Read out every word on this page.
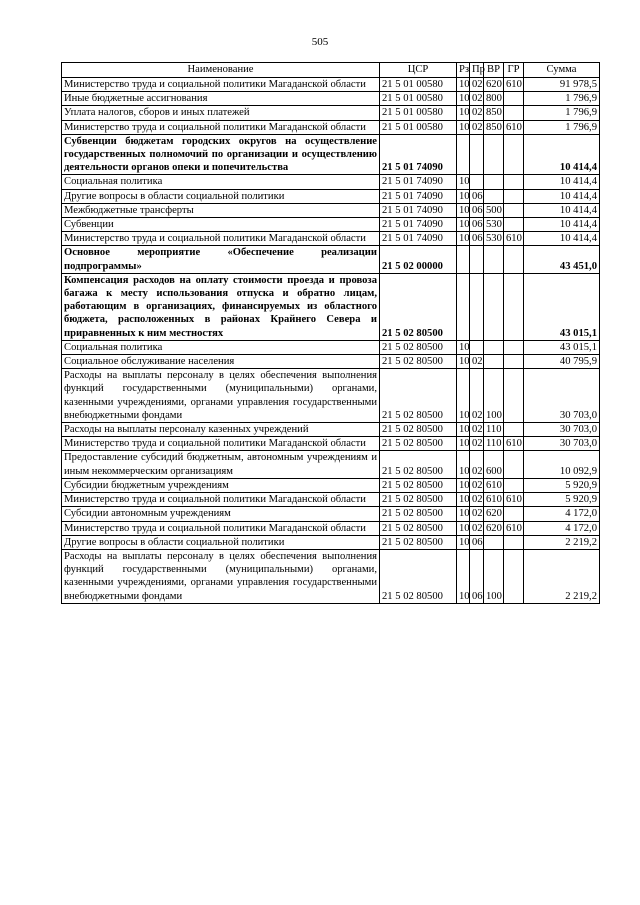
505
Наименование	ЦСР	Рз	Пр	ВР	ГР	Сумма
Министерство труда и социальной политики Магаданской области	21 5 01 00580	10	02	620	610	91 978,5
Иные бюджетные ассигнования	21 5 01 00580	10	02	800		1 796,9
Уплата налогов, сборов и иных платежей	21 5 01 00580	10	02	850		1 796,9
Министерство труда и социальной политики Магаданской области	21 5 01 00580	10	02	850	610	1 796,9
Субвенции бюджетам городских округов на осуществление государственных полномочий по организации и осуществлению деятельности органов опеки и попечительства	21 5 01 74090					10 414,4
Социальная политика	21 5 01 74090	10				10 414,4
Другие вопросы в области социальной политики	21 5 01 74090	10	06			10 414,4
Межбюджетные трансферты	21 5 01 74090	10	06	500		10 414,4
Субвенции	21 5 01 74090	10	06	530		10 414,4
Министерство труда и социальной политики Магаданской области	21 5 01 74090	10	06	530	610	10 414,4
Основное мероприятие «Обеспечение реализации подпрограммы»	21 5 02 00000					43 451,0
Компенсация расходов на оплату стоимости проезда и провоза багажа к месту использования отпуска и обратно лицам, работающим в организациях, финансируемых из областного бюджета, расположенных в районах Крайнего Севера и приравненных к ним местностях	21 5 02 80500					43 015,1
Социальная политика	21 5 02 80500	10				43 015,1
Социальное обслуживание населения	21 5 02 80500	10	02			40 795,9
Расходы на выплаты персоналу в целях обеспечения выполнения функций государственными (муниципальными) органами, казенными учреждениями, органами управления государственными внебюджетными фондами	21 5 02 80500	10	02	100		30 703,0
Расходы на выплаты персоналу казенных учреждений	21 5 02 80500	10	02	110		30 703,0
Министерство труда и социальной политики Магаданской области	21 5 02 80500	10	02	110	610	30 703,0
Предоставление субсидий бюджетным, автономным учреждениям и иным некоммерческим организациям	21 5 02 80500	10	02	600		10 092,9
Субсидии бюджетным учреждениям	21 5 02 80500	10	02	610		5 920,9
Министерство труда и социальной политики Магаданской области	21 5 02 80500	10	02	610	610	5 920,9
Субсидии автономным учреждениям	21 5 02 80500	10	02	620		4 172,0
Министерство труда и социальной политики Магаданской области	21 5 02 80500	10	02	620	610	4 172,0
Другие вопросы в области социальной политики	21 5 02 80500	10	06			2 219,2
Расходы на выплаты персоналу в целях обеспечения выполнения функций государственными (муниципальными) органами, казенными учреждениями, органами управления государственными внебюджетными фондами	21 5 02 80500	10	06	100		2 219,2
